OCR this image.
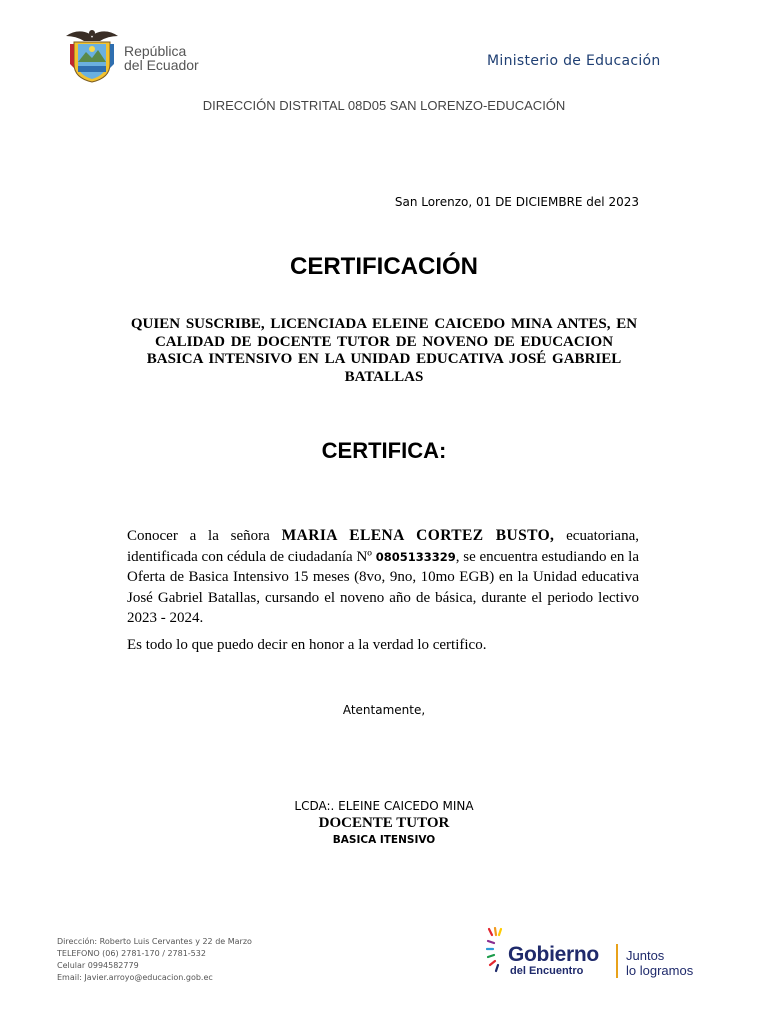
República
del Ecuador	Ministerio de Educación
DIRECCIÓN DISTRITAL 08D05 SAN LORENZO-EDUCACIÓN
San Lorenzo, 01 DE DICIEMBRE del 2023
CERTIFICACIÓN
QUIEN SUSCRIBE, LICENCIADA ELEINE CAICEDO MINA ANTES, EN CALIDAD DE DOCENTE TUTOR DE NOVENO DE EDUCACION BASICA INTENSIVO EN LA UNIDAD EDUCATIVA JOSÉ GABRIEL BATALLAS
CERTIFICA:
Conocer a la señora MARIA ELENA CORTEZ BUSTO, ecuatoriana, identificada con cédula de ciudadanía Nº 0805133329, se encuentra estudiando en la Oferta de Basica Intensivo 15 meses (8vo, 9no, 10mo EGB) en la Unidad educativa José Gabriel Batallas, cursando el noveno año de básica, durante el periodo lectivo 2023 - 2024.
Es todo lo que puedo decir en honor a la verdad lo certifico.
Atentamente,
LCDA:. ELEINE CAICEDO MINA
DOCENTE TUTOR
BASICA ITENSIVO
Dirección: Roberto Luis Cervantes y 22 de Marzo
TELEFONO (06) 2781-170 / 2781-532
Celular 0994582779
Email: Javier.arroyo@educacion.gob.ec
Gobierno
del Encuentro
Juntos
lo logramos
